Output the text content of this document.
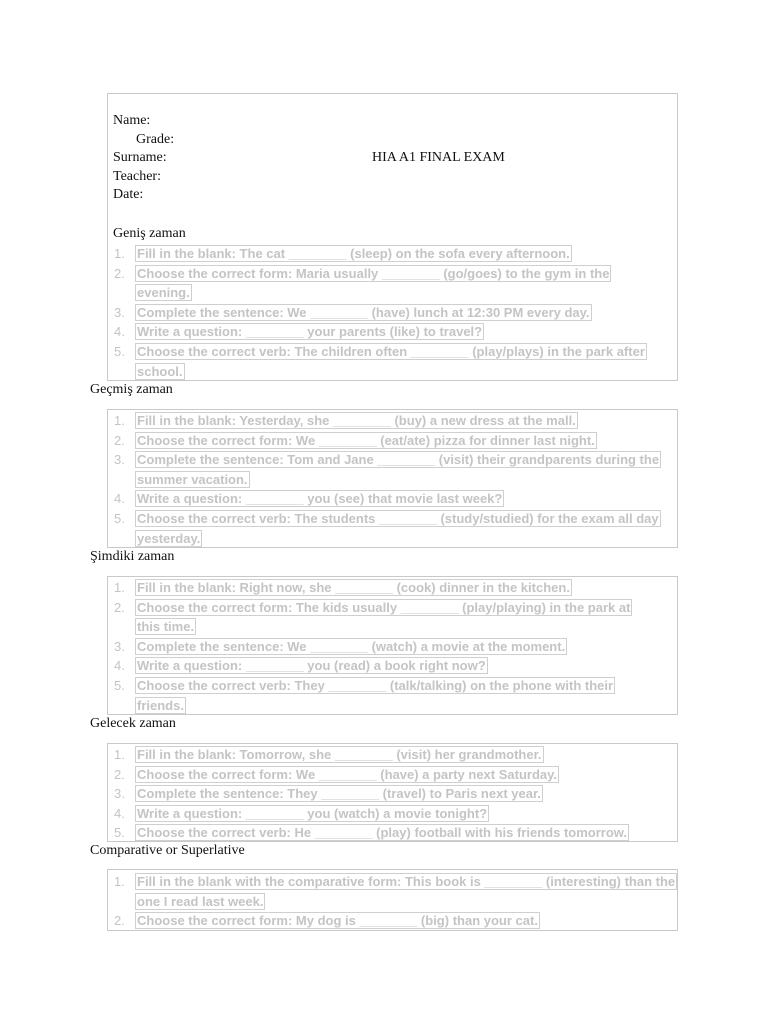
Name:
Grade:
Surname:	HIA A1 FINAL EXAM
Teacher:
Date:
Geniş zaman
1. Fill in the blank: The cat ________ (sleep) on the sofa every afternoon.
2. Choose the correct form: Maria usually ________ (go/goes) to the gym in the evening.
3. Complete the sentence: We ________ (have) lunch at 12:30 PM every day.
4. Write a question: ________ your parents (like) to travel?
5. Choose the correct verb: The children often ________ (play/plays) in the park after school.
Geçmiş zaman
1. Fill in the blank: Yesterday, she ________ (buy) a new dress at the mall.
2. Choose the correct form: We ________ (eat/ate) pizza for dinner last night.
3. Complete the sentence: Tom and Jane ________ (visit) their grandparents during the summer vacation.
4. Write a question: ________ you (see) that movie last week?
5. Choose the correct verb: The students ________ (study/studied) for the exam all day yesterday.
Şimdiki zaman
1. Fill in the blank: Right now, she ________ (cook) dinner in the kitchen.
2. Choose the correct form: The kids usually ________ (play/playing) in the park at this time.
3. Complete the sentence: We ________ (watch) a movie at the moment.
4. Write a question: ________ you (read) a book right now?
5. Choose the correct verb: They ________ (talk/talking) on the phone with their friends.
Gelecek zaman
1. Fill in the blank: Tomorrow, she ________ (visit) her grandmother.
2. Choose the correct form: We ________ (have) a party next Saturday.
3. Complete the sentence: They ________ (travel) to Paris next year.
4. Write a question: ________ you (watch) a movie tonight?
5. Choose the correct verb: He ________ (play) football with his friends tomorrow.
Comparative or Superlative
1. Fill in the blank with the comparative form: This book is ________ (interesting) than the one I read last week.
2. Choose the correct form: My dog is ________ (big) than your cat.
